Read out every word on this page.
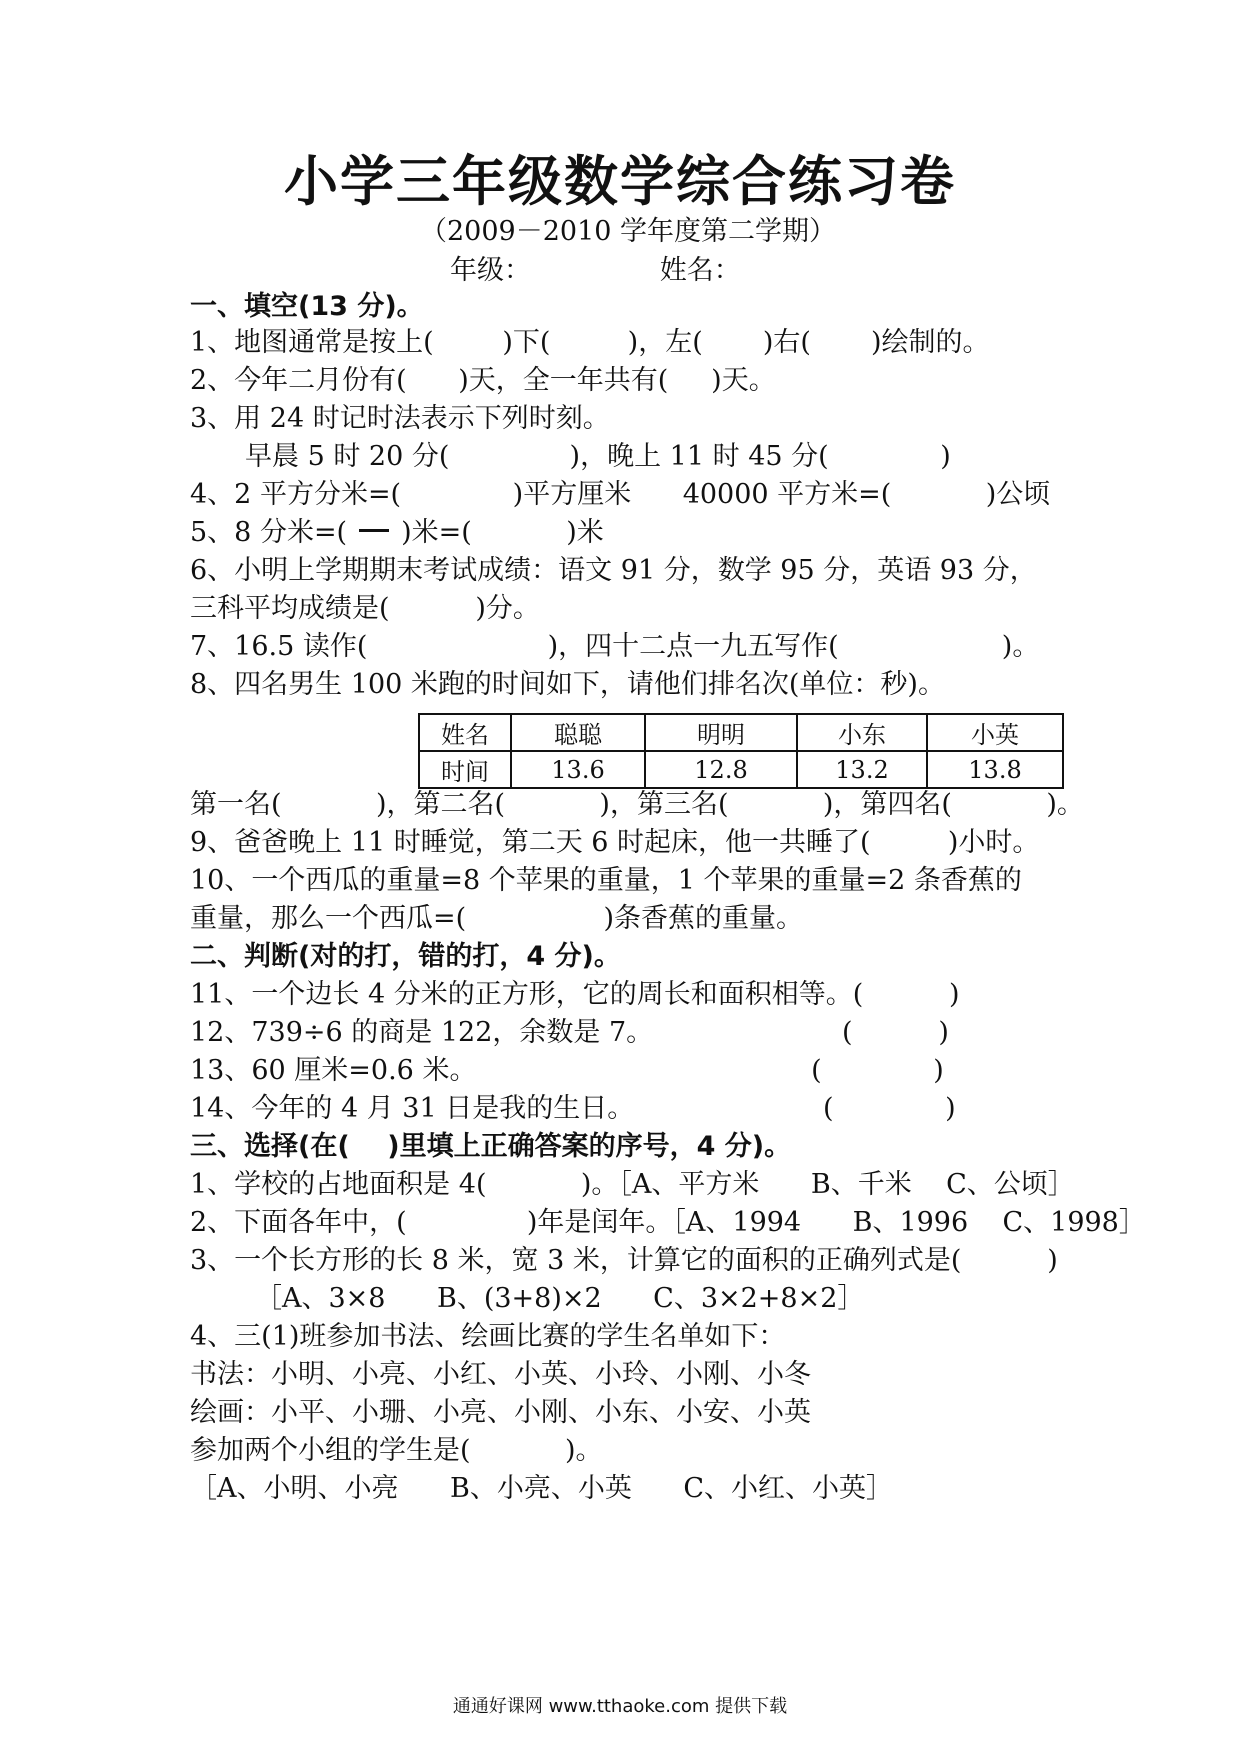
小学三年级数学综合练习卷
（2009－2010 学年度第二学期）
年级：               姓名：
一、填空(13 分)。
1、地图通常是按上(        )下(         )，左(       )右(       )绘制的。
2、今年二月份有(      )天，全一年共有(     )天。
3、用 24 时记时法表示下列时刻。
早晨 5 时 20 分(              )，晚上 11 时 45 分(             )
4、2 平方分米=(             )平方厘米      40000 平方米=(           )公顷
5、8 分米=( )米=(           )米
6、小明上学期期末考试成绩：语文 91 分，数学 95 分，英语 93 分，
三科平均成绩是(          )分。
7、16.5 读作(                     )，四十二点一九五写作(                   )。
8、四名男生 100 米跑的时间如下，请他们排名次(单位：秒)。
姓名	聪聪	明明	小东	小英
时间	13.6	12.8	13.2	13.8
第一名(           )，第二名(           )，第三名(           )，第四名(           )。
9、爸爸晚上 11 时睡觉，第二天 6 时起床，他一共睡了(         )小时。
10、一个西瓜的重量=8 个苹果的重量，1 个苹果的重量=2 条香蕉的
重量，那么一个西瓜=(                )条香蕉的重量。
二、判断(对的打，错的打，4 分)。
11、一个边长 4 分米的正方形，它的周长和面积相等。(          )
12、739÷6 的商是 122，余数是 7。                      (          )
13、60 厘米=0.6 米。                                       (             )
14、今年的 4 月 31 日是我的生日。                      (             )
三、选择(在(    )里填上正确答案的序号，4 分)。
1、学校的占地面积是 4(           )。［A、平方米      B、千米    C、公顷］
2、下面各年中，(              )年是闰年。［A、1994      B、1996    C、1998］
3、一个长方形的长 8 米，宽 3 米，计算它的面积的正确列式是(          )
［A、3×8      B、(3+8)×2      C、3×2+8×2］
4、三(1)班参加书法、绘画比赛的学生名单如下：
书法：小明、小亮、小红、小英、小玲、小刚、小冬
绘画：小平、小珊、小亮、小刚、小东、小安、小英
参加两个小组的学生是(           )。
［A、小明、小亮      B、小亮、小英      C、小红、小英］
通通好课网 www.tthaoke.com 提供下载
